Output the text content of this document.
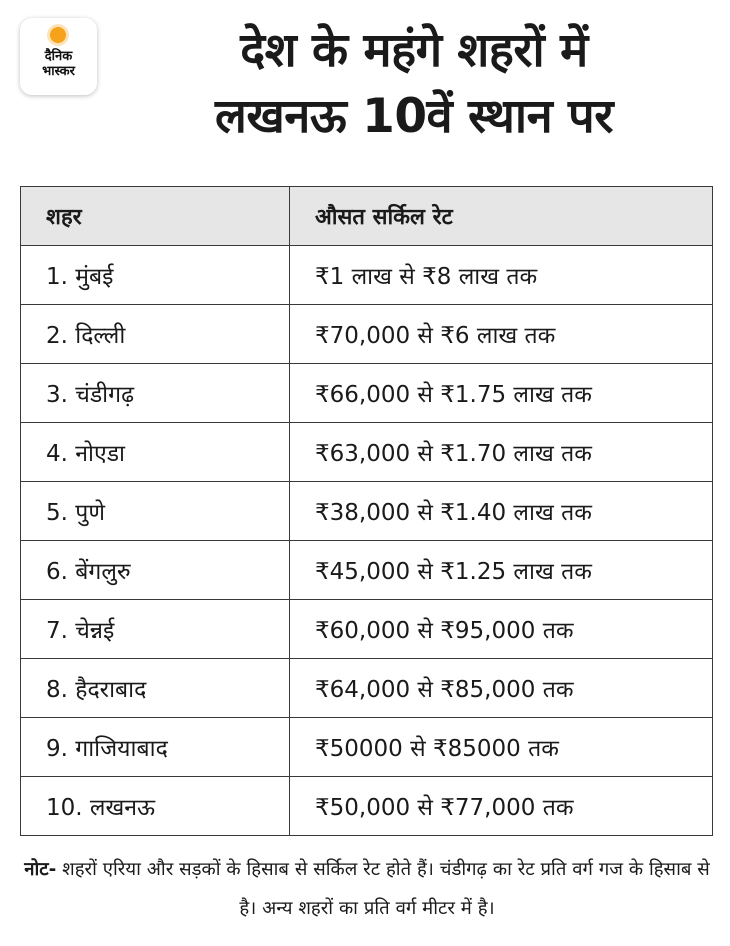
दैनिक
भास्कर	देश के महंगे शहरों में
लखनऊ 10वें स्थान पर
शहर	औसत सर्किल रेट
1. मुंबई	₹1 लाख से ₹8 लाख तक
2. दिल्ली	₹70,000 से ₹6 लाख तक
3. चंडीगढ़	₹66,000 से ₹1.75 लाख तक
4. नोएडा	₹63,000 से ₹1.70 लाख तक
5. पुणे	₹38,000 से ₹1.40 लाख तक
6. बेंगलुरु	₹45,000 से ₹1.25 लाख तक
7. चेन्नई	₹60,000 से ₹95,000 तक
8. हैदराबाद	₹64,000 से ₹85,000 तक
9. गाजियाबाद	₹50000 से ₹85000 तक
10. लखनऊ	₹50,000 से ₹77,000 तक
नोट- शहरों एरिया और सड़कों के हिसाब से सर्किल रेट होते हैं। चंडीगढ़ का रेट प्रति वर्ग गज के हिसाब से है। अन्य शहरों का प्रति वर्ग मीटर में है।
